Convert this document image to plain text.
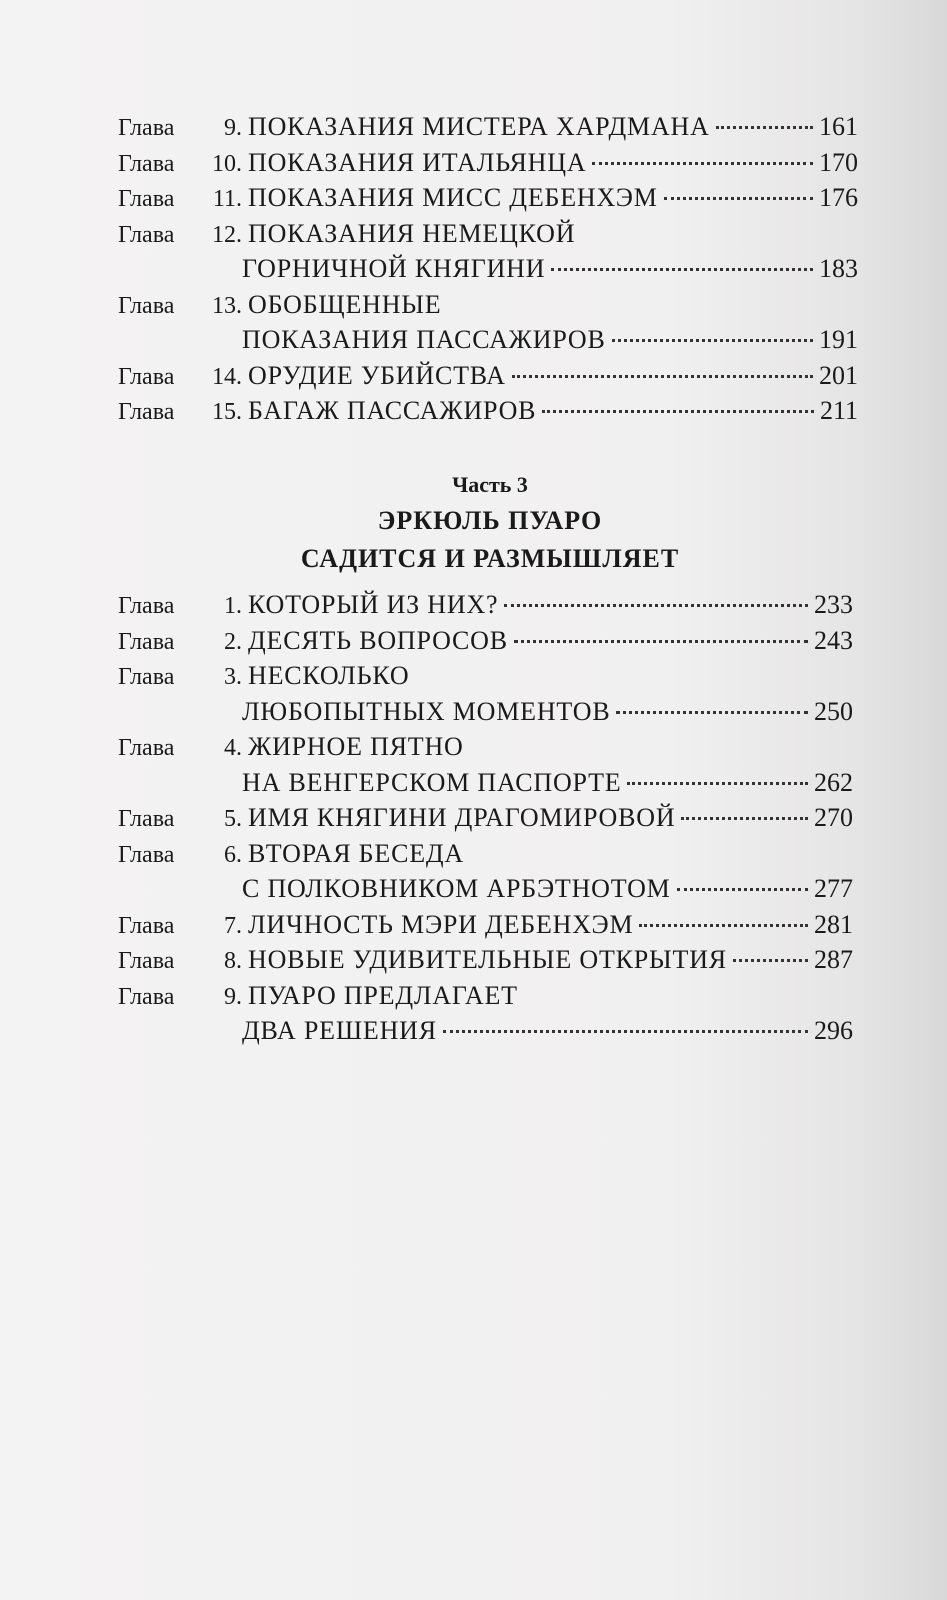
Глава	9. ПОКАЗАНИЯ МИСТЕРА ХАРДМАНА	161
Глава	10. ПОКАЗАНИЯ ИТАЛЬЯНЦА	170
Глава	11. ПОКАЗАНИЯ МИСС ДЕБЕНХЭМ	176
Глава	12. ПОКАЗАНИЯ НЕМЕЦКОЙ
ГОРНИЧНОЙ КНЯГИНИ	183
Глава	13. ОБОБЩЕННЫЕ
ПОКАЗАНИЯ ПАССАЖИРОВ	191
Глава	14. ОРУДИЕ УБИЙСТВА	201
Глава	15. БАГАЖ ПАССАЖИРОВ	211
Часть 3
ЭРКЮЛЬ ПУАРО
САДИТСЯ И РАЗМЫШЛЯЕТ
Глава	1. КОТОРЫЙ ИЗ НИХ?	233
Глава	2. ДЕСЯТЬ ВОПРОСОВ	243
Глава	3. НЕСКОЛЬКО
ЛЮБОПЫТНЫХ МОМЕНТОВ	250
Глава	4. ЖИРНОЕ ПЯТНО
НА ВЕНГЕРСКОМ ПАСПОРТЕ	262
Глава	5. ИМЯ КНЯГИНИ ДРАГОМИРОВОЙ	270
Глава	6. ВТОРАЯ БЕСЕДА
С ПОЛКОВНИКОМ АРБЭТНОТОМ	277
Глава	7. ЛИЧНОСТЬ МЭРИ ДЕБЕНХЭМ	281
Глава	8. НОВЫЕ УДИВИТЕЛЬНЫЕ ОТКРЫТИЯ	287
Глава	9. ПУАРО ПРЕДЛАГАЕТ
ДВА РЕШЕНИЯ	296
